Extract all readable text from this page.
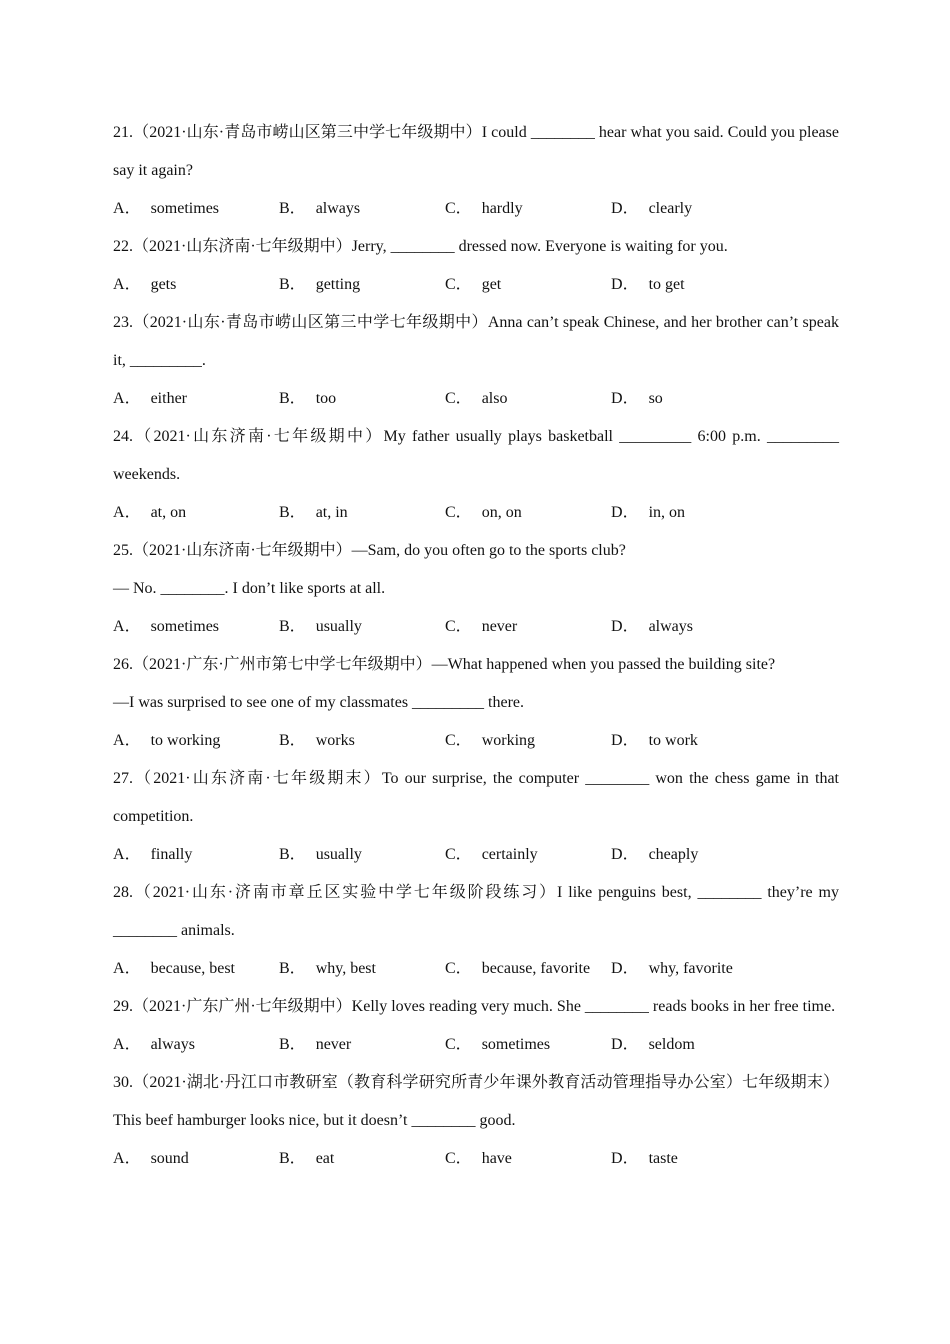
21.（2021·山东·青岛市崂山区第三中学七年级期中）I could ________ hear what you said. Could you please say it again?

A． sometimes	B． always	C． hardly	D． clearly

22.（2021·山东济南·七年级期中）Jerry, ________ dressed now. Everyone is waiting for you.

A． gets	B． getting	C． get	D． to get

23.（2021·山东·青岛市崂山区第三中学七年级期中）Anna can’t speak Chinese, and her brother can’t speak it, _________.

A． either	B． too	C． also	D． so

24.（2021·山东济南·七年级期中）My father usually plays basketball _________ 6:00 p.m. _________ weekends.

A． at, on	B． at, in	C． on, on	D． in, on

25.（2021·山东济南·七年级期中）—Sam, do you often go to the sports club?

— No. ________. I don’t like sports at all.

A． sometimes	B． usually	C． never	D． always

26.（2021·广东·广州市第七中学七年级期中）—What happened when you passed the building site?

—I was surprised to see one of my classmates _________ there.

A． to working	B． works	C． working	D． to work

27.（2021·山东济南·七年级期末）To our surprise, the computer ________ won the chess game in that competition.

A． finally	B． usually	C． certainly	D． cheaply

28.（2021·山东·济南市章丘区实验中学七年级阶段练习）I like penguins best, ________ they’re my ________ animals.

A． because, best	B． why, best	C． because, favorite	D． why, favorite

29.（2021·广东广州·七年级期中）Kelly loves reading very much. She ________ reads books in her free time.

A． always	B． never	C． sometimes	D． seldom

30.（2021·湖北·丹江口市教研室（教育科学研究所青少年课外教育活动管理指导办公室）七年级期末）This beef hamburger looks nice, but it doesn’t ________ good.

A． sound	B． eat	C． have	D． taste
